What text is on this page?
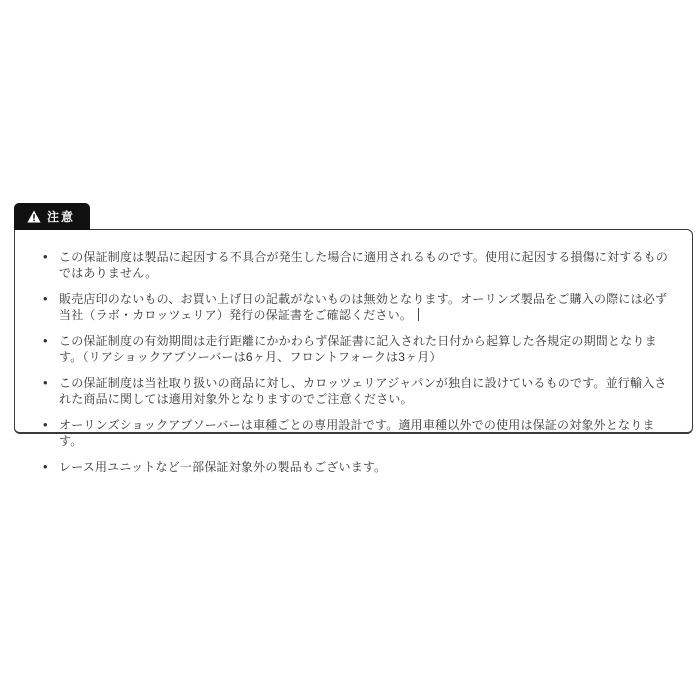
注意
• この保証制度は製品に起因する不具合が発生した場合に適用されるものです。使用に起因する損傷に対するものではありません。
• 販売店印のないもの、お買い上げ日の記載がないものは無効となります。オーリンズ製品をご購入の際には必ず当社（ラボ・カロッツェリア）発行の保証書をご確認ください。
• この保証制度の有効期間は走行距離にかかわらず保証書に記入された日付から起算した各規定の期間となります。（リアショックアブソーバーは6ヶ月、フロントフォークは3ヶ月）
• この保証制度は当社取り扱いの商品に対し、カロッツェリアジャパンが独自に設けているものです。並行輸入された商品に関しては適用対象外となりますのでご注意ください。
• オーリンズショックアブソーバーは車種ごとの専用設計です。適用車種以外での使用は保証の対象外となります。
• レース用ユニットなど一部保証対象外の製品もございます。
